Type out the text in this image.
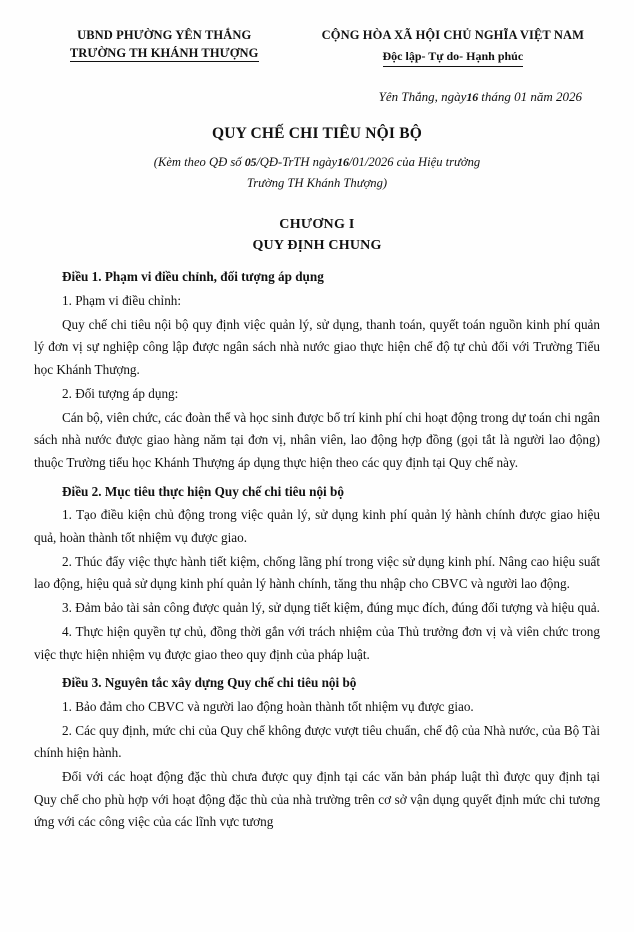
UBND PHƯỜNG YÊN THẮNG
TRƯỜNG TH KHÁNH THƯỢNG
CỘNG HÒA XÃ HỘI CHỦ NGHĨA VIỆT NAM
Độc lập- Tự do- Hạnh phúc
Yên Thắng, ngày16 tháng 01 năm 2026
QUY CHẾ CHI TIÊU NỘI BỘ
(Kèm theo QĐ số 05/QĐ-TrTH ngày16/01/2026 của Hiệu trưởng
Trường TH Khánh Thượng)
CHƯƠNG I
QUY ĐỊNH CHUNG
Điều 1. Phạm vi điều chỉnh, đối tượng áp dụng

1. Phạm vi điều chỉnh:

Quy chế chi tiêu nội bộ quy định việc quản lý, sử dụng, thanh toán, quyết toán nguồn kinh phí quản lý đơn vị sự nghiệp công lập được ngân sách nhà nước giao thực hiện chế độ tự chủ đối với Trường Tiểu học Khánh Thượng.

2. Đối tượng áp dụng:

Cán bộ, viên chức, các đoàn thể và học sinh được bố trí kinh phí chi hoạt động trong dự toán chi ngân sách nhà nước được giao hàng năm tại đơn vị, nhân viên, lao động hợp đồng (gọi tắt là người lao động) thuộc Trường tiểu học Khánh Thượng áp dụng thực hiện theo các quy định tại Quy chế này.

Điều 2. Mục tiêu thực hiện Quy chế chi tiêu nội bộ

1. Tạo điều kiện chủ động trong việc quản lý, sử dụng kinh phí quản lý hành chính được giao hiệu quả, hoàn thành tốt nhiệm vụ được giao.

2. Thúc đẩy việc thực hành tiết kiệm, chống lãng phí trong việc sử dụng kinh phí. Nâng cao hiệu suất lao động, hiệu quả sử dụng kinh phí quản lý hành chính, tăng thu nhập cho CBVC và người lao động.

3. Đảm bảo tài sản công được quản lý, sử dụng tiết kiệm, đúng mục đích, đúng đối tượng và hiệu quả.

4. Thực hiện quyền tự chủ, đồng thời gắn với trách nhiệm của Thủ trưởng đơn vị và viên chức trong việc thực hiện nhiệm vụ được giao theo quy định của pháp luật.

Điều 3. Nguyên tắc xây dựng Quy chế chi tiêu nội bộ

1. Bảo đảm cho CBVC và người lao động hoàn thành tốt nhiệm vụ được giao.

2. Các quy định, mức chi của Quy chế không được vượt tiêu chuẩn, chế độ của Nhà nước, của Bộ Tài chính hiện hành.

Đối với các hoạt động đặc thù chưa được quy định tại các văn bản pháp luật thì được quy định tại Quy chế cho phù hợp với hoạt động đặc thù của nhà trường trên cơ sở vận dụng quyết định mức chi tương ứng với các công việc của các lĩnh vực tương
